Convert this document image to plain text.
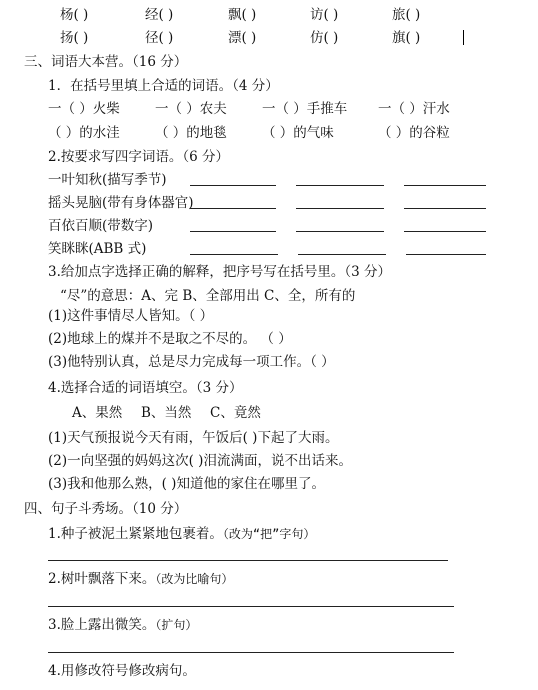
杨( )	经( )	飘( )	访( )	旅( )
扬( )	径( )	漂( )	仿( )	旗( )
三、词语大本营。（16 分）
1．在括号里填上合适的词语。（4 分）
一（ ）火柴	一（ ）农夫	一（ ）手推车 一（ ）汗水
（ ）的水洼	（ ）的地毯	（ ）的气味	（ ）的谷粒
2.按要求写四字词语。（6 分）
一叶知秋(描写季节)
摇头晃脑(带有身体器官)
百依百顺(带数字)
笑眯眯(ABB 式)
3.给加点字选择正确的解释，把序号写在括号里。（3 分）
“尽”的意思：A、完 B、全部用出 C、全，所有的
(1)这件事情尽人皆知。（ ）
(2)地球上的煤并不是取之不尽的。 （ ）
(3)他特别认真，总是尽力完成每一项工作。（ ）
4.选择合适的词语填空。（3 分）
A、果然 B、当然 C、竟然
(1)天气预报说今天有雨，午饭后( )下起了大雨。
(2)一向坚强的妈妈这次( )泪流满面，说不出话来。
(3)我和他那么熟，( )知道他的家住在哪里了。
四、句子斗秀场。（10 分）
1.种子被泥土紧紧地包裹着。（改为“把”字句）
2.树叶飘落下来。（改为比喻句）
3.脸上露出微笑。（扩句）
4.用修改符号修改病句。
